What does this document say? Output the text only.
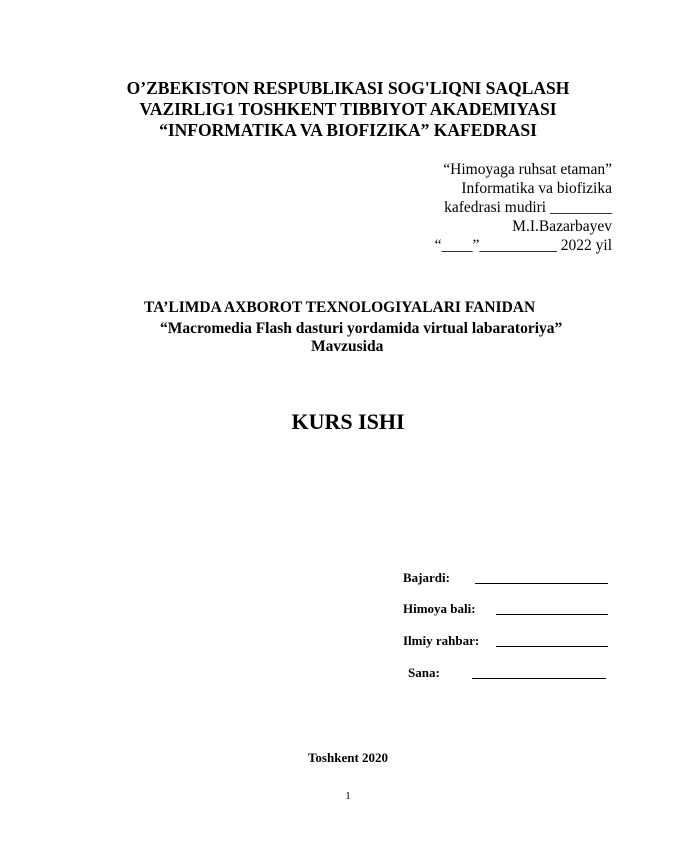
O’ZBEKISTON RESPUBLIKASI SOG'LIQNI SAQLASH
VAZIRLIG1 TOSHKENT TIBBIYOT AKADEMIYASI
“INFORMATIKA VA BIOFIZIKA” KAFEDRASI
“Himoyaga ruhsat etaman”
Informatika va biofizika
kafedrasi mudiri ________
M.I.Bazarbayev
“____”__________ 2022 yil
TA’LIMDA AXBOROT TEXNOLOGIYALARI FANIDAN
“Macromedia Flash dasturi yordamida virtual labaratoriya”
Mavzusida
KURS ISHI
Bajardi:
Himoya bali:
Ilmiy rahbar:
Sana:
Toshkent 2020
1
